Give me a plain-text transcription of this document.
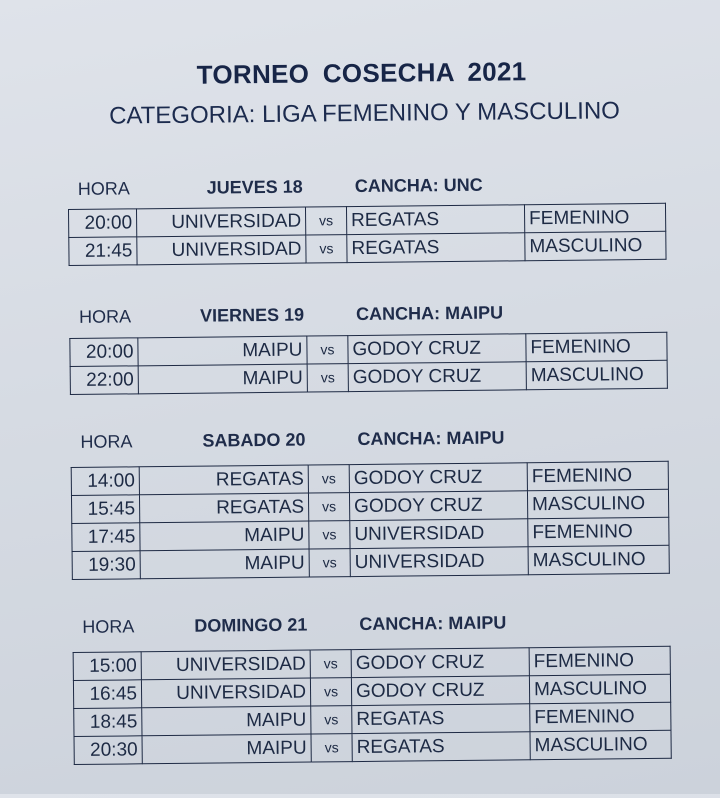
TORNEO COSECHA 2021
CATEGORIA: LIGA FEMENINO Y MASCULINO
HORA	JUEVES 18	CANCHA: UNC
20:00	UNIVERSIDAD	vs	REGATAS	FEMENINO
21:45	UNIVERSIDAD	vs	REGATAS	MASCULINO
HORA	VIERNES 19	CANCHA: MAIPU
20:00	MAIPU	vs	GODOY CRUZ	FEMENINO
22:00	MAIPU	vs	GODOY CRUZ	MASCULINO
HORA	SABADO 20	CANCHA: MAIPU
14:00	REGATAS	vs	GODOY CRUZ	FEMENINO
15:45	REGATAS	vs	GODOY CRUZ	MASCULINO
17:45	MAIPU	vs	UNIVERSIDAD	FEMENINO
19:30	MAIPU	vs	UNIVERSIDAD	MASCULINO
HORA	DOMINGO 21	CANCHA: MAIPU
15:00	UNIVERSIDAD	vs	GODOY CRUZ	FEMENINO
16:45	UNIVERSIDAD	vs	GODOY CRUZ	MASCULINO
18:45	MAIPU	vs	REGATAS	FEMENINO
20:30	MAIPU	vs	REGATAS	MASCULINO
